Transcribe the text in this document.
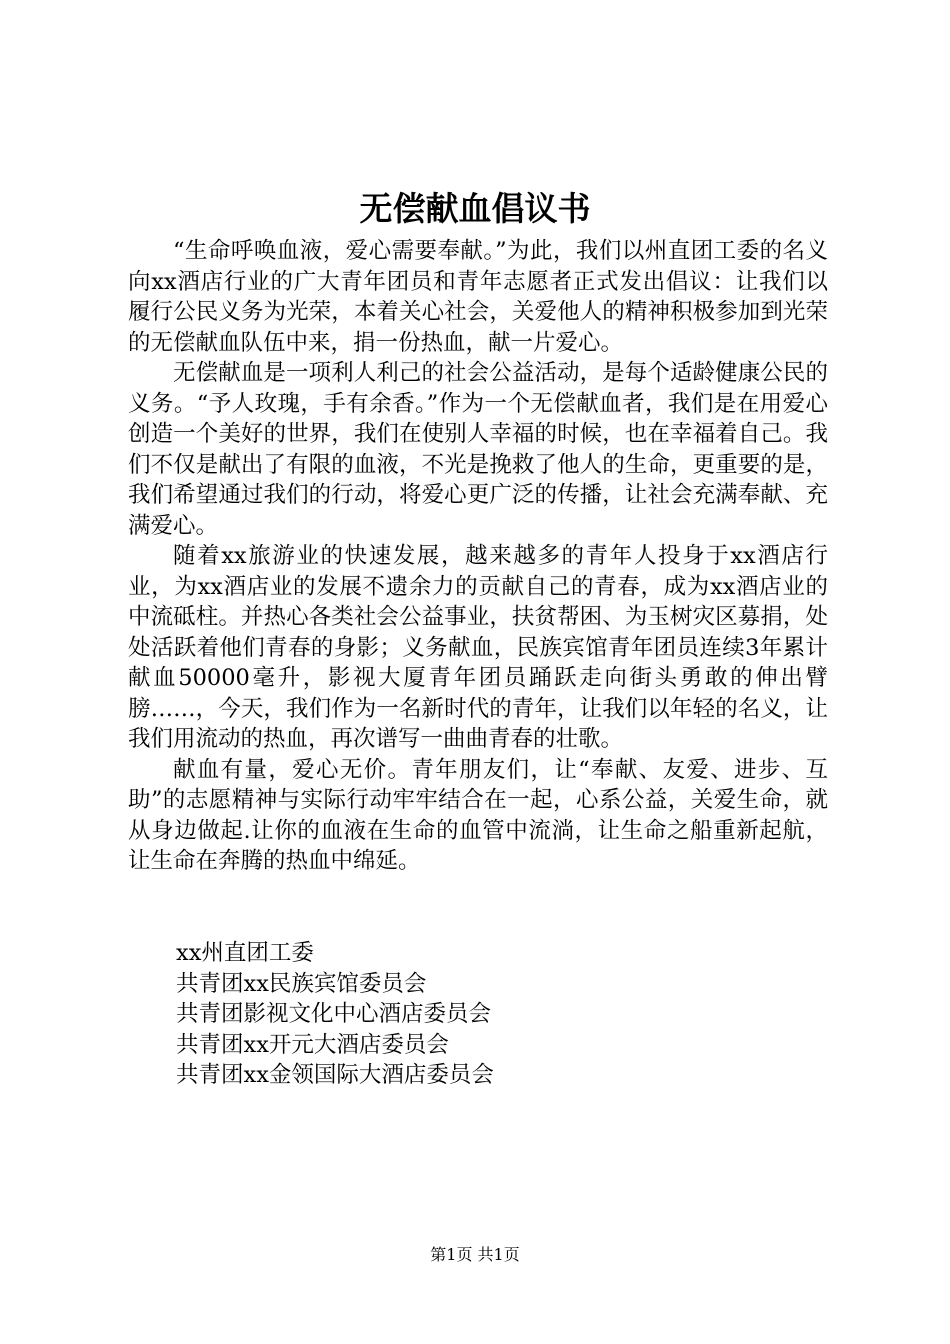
无偿献血倡议书

“生命呼唤血液，爱心需要奉献。”为此，我们以州直团工委的名义向xx酒店行业的广大青年团员和青年志愿者正式发出倡议：让我们以履行公民义务为光荣，本着关心社会，关爱他人的精神积极参加到光荣的无偿献血队伍中来，捐一份热血，献一片爱心。

无偿献血是一项利人利己的社会公益活动，是每个适龄健康公民的义务。“予人玫瑰，手有余香。”作为一个无偿献血者，我们是在用爱心创造一个美好的世界，我们在使别人幸福的时候，也在幸福着自己。我们不仅是献出了有限的血液，不光是挽救了他人的生命，更重要的是，我们希望通过我们的行动，将爱心更广泛的传播，让社会充满奉献、充满爱心。

随着xx旅游业的快速发展，越来越多的青年人投身于xx酒店行业，为xx酒店业的发展不遗余力的贡献自己的青春，成为xx酒店业的中流砥柱。并热心各类社会公益事业，扶贫帮困、为玉树灾区募捐，处处活跃着他们青春的身影；义务献血，民族宾馆青年团员连续3年累计献血50000毫升，影视大厦青年团员踊跃走向街头勇敢的伸出臂膀……，今天，我们作为一名新时代的青年，让我们以年轻的名义，让我们用流动的热血，再次谱写一曲曲青春的壮歌。

献血有量，爱心无价。青年朋友们，让“奉献、友爱、进步、互助”的志愿精神与实际行动牢牢结合在一起，心系公益，关爱生命，就从身边做起.让你的血液在生命的血管中流淌，让生命之船重新起航，让生命在奔腾的热血中绵延。

xx州直团工委

共青团xx民族宾馆委员会

共青团影视文化中心酒店委员会

共青团xx开元大酒店委员会

共青团xx金领国际大酒店委员会

第1页 共1页
